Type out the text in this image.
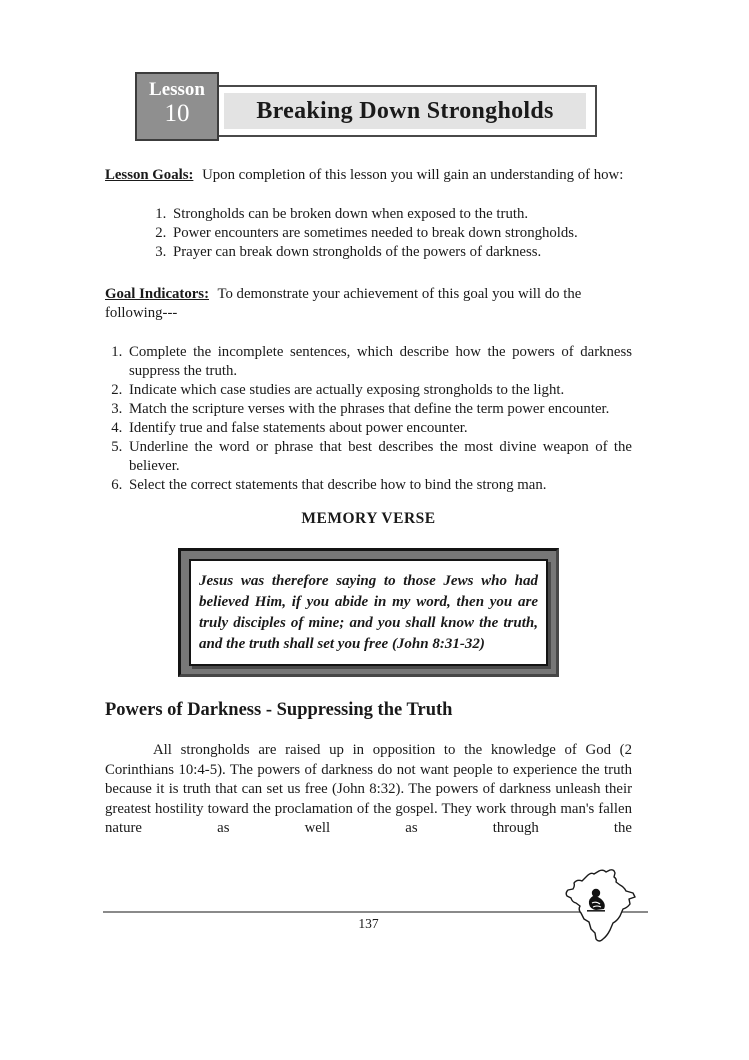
Lesson
10	Breaking Down Strongholds

Lesson Goals: Upon completion of this lesson you will gain an understanding of how:

1. Strongholds can be broken down when exposed to the truth.
2. Power encounters are sometimes needed to break down strongholds.
3. Prayer can break down strongholds of the powers of darkness.

Goal Indicators: To demonstrate your achievement of this goal you will do the following---

1. Complete the incomplete sentences, which describe how the powers of darkness suppress the truth.
2. Indicate which case studies are actually exposing strongholds to the light.
3. Match the scripture verses with the phrases that define the term power encounter.
4. Identify true and false statements about power encounter.
5. Underline the word or phrase that best describes the most divine weapon of the believer.
6. Select the correct statements that describe how to bind the strong man.
MEMORY VERSE

Jesus was therefore saying to those Jews who had believed Him, if you abide in my word, then you are truly disciples of mine; and you shall know the truth, and the truth shall set you free (John 8:31-32)

Powers of Darkness - Suppressing the Truth

All strongholds are raised up in opposition to the knowledge of God (2 Corinthians 10:4-5). The powers of darkness do not want people to experience the truth because it is truth that can set us free (John 8:32). The powers of darkness unleash their greatest hostility toward the proclamation of the gospel. They work through man's fallen nature as well as through the

137
